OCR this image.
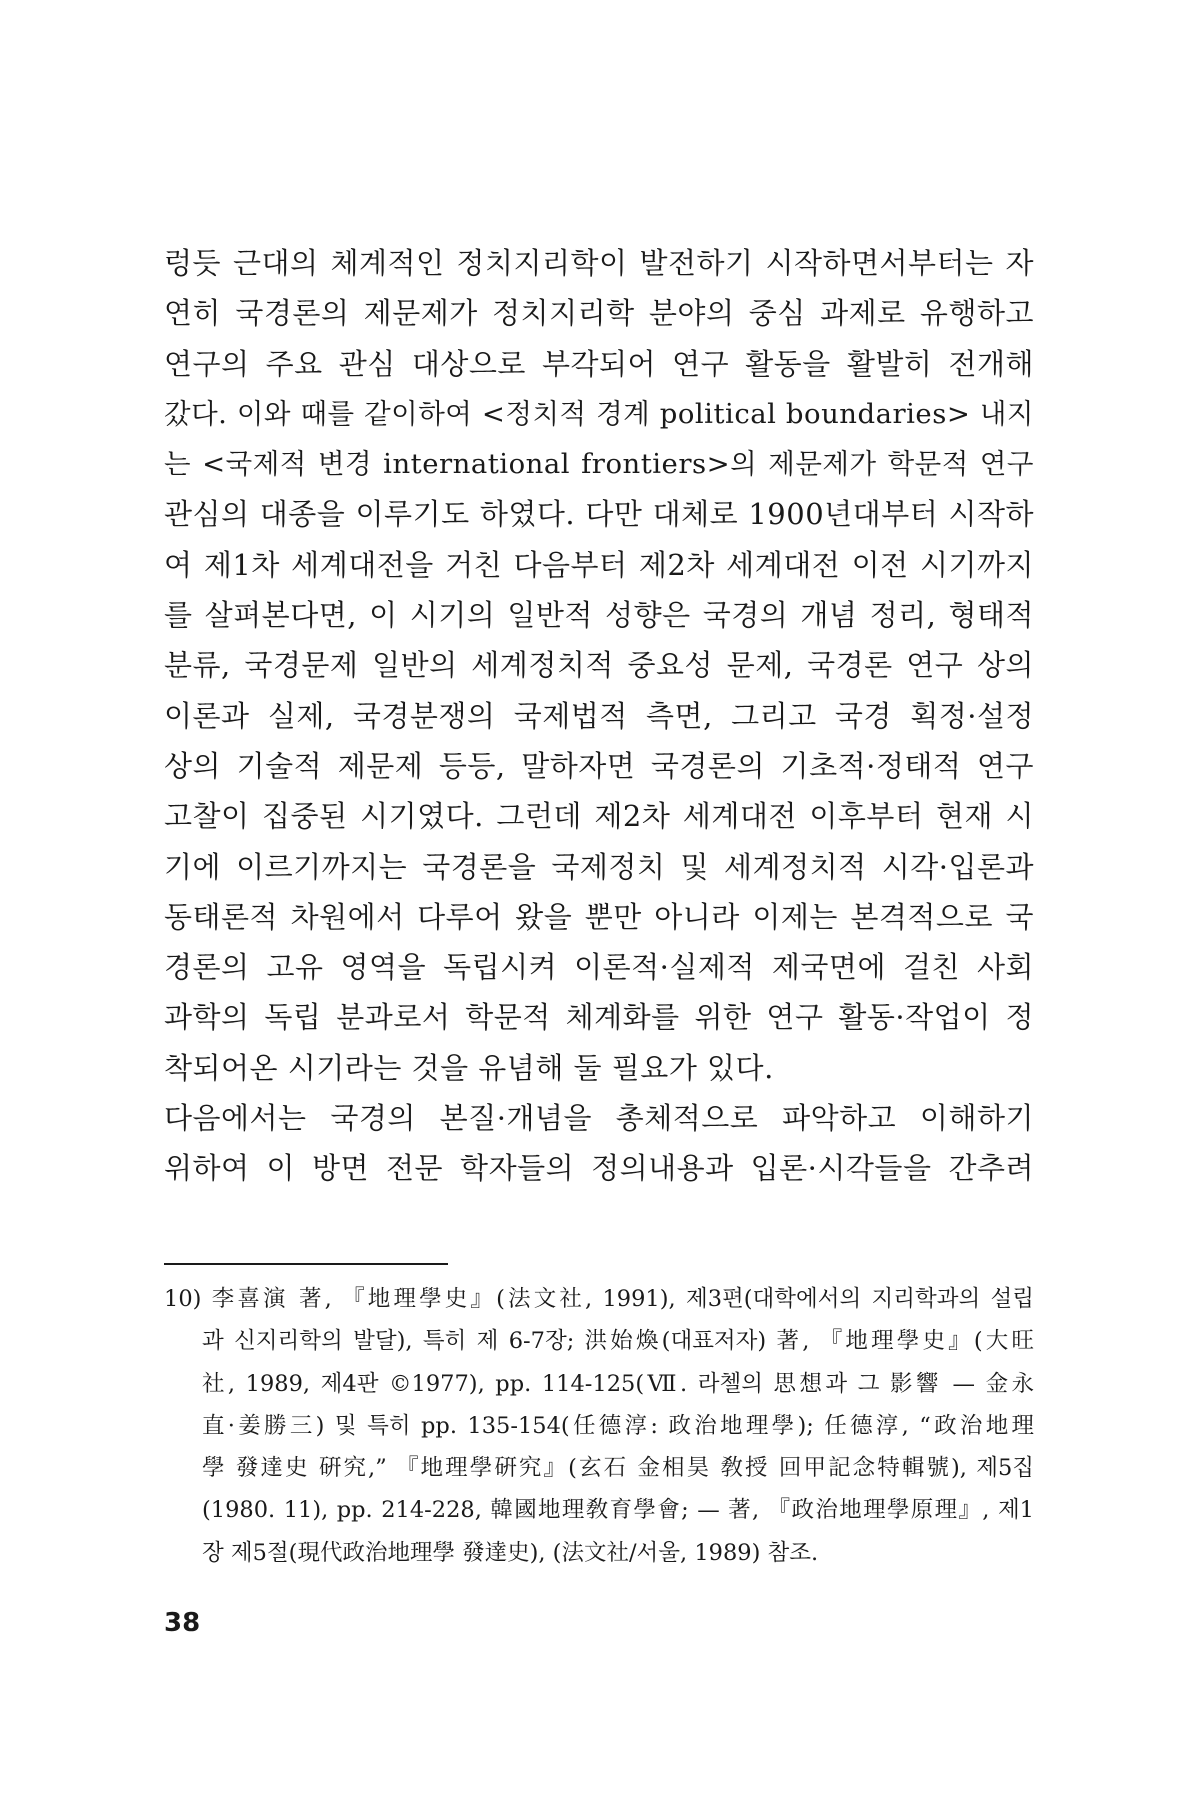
렁듯 근대의 체계적인 정치지리학이 발전하기 시작하면서부터는 자
연히 국경론의 제문제가 정치지리학 분야의 중심 과제로 유행하고
연구의 주요 관심 대상으로 부각되어 연구 활동을 활발히 전개해
갔다. 이와 때를 같이하여 <정치적 경계 political boundaries> 내지
는 <국제적 변경 international frontiers>의 제문제가 학문적 연구
관심의 대종을 이루기도 하였다. 다만 대체로 1900년대부터 시작하
여 제1차 세계대전을 거친 다음부터 제2차 세계대전 이전 시기까지
를 살펴본다면, 이 시기의 일반적 성향은 국경의 개념 정리, 형태적
분류, 국경문제 일반의 세계정치적 중요성 문제, 국경론 연구 상의
이론과 실제, 국경분쟁의 국제법적 측면, 그리고 국경 획정·설정
상의 기술적 제문제 등등, 말하자면 국경론의 기초적·정태적 연구
고찰이 집중된 시기였다. 그런데 제2차 세계대전 이후부터 현재 시
기에 이르기까지는 국경론을 국제정치 및 세계정치적 시각·입론과
동태론적 차원에서 다루어 왔을 뿐만 아니라 이제는 본격적으로 국
경론의 고유 영역을 독립시켜 이론적·실제적 제국면에 걸친 사회
과학의 독립 분과로서 학문적 체계화를 위한 연구 활동·작업이 정
착되어온 시기라는 것을 유념해 둘 필요가 있다.
다음에서는 국경의 본질·개념을 총체적으로 파악하고 이해하기
위하여 이 방면 전문 학자들의 정의내용과 입론·시각들을 간추려
10) 李喜演 著, 『地理學史』(法文社, 1991), 제3편(대학에서의 지리학과의 설립
과 신지리학의 발달), 특히 제 6-7장; 洪始煥(대표저자) 著, 『地理學史』(大旺
社, 1989, 제4판 ©1977), pp. 114-125(Ⅶ. 라첼의 思想과 그 影響 — 金永
直·姜勝三) 및 특히 pp. 135-154(任德淳: 政治地理學); 任德淳, “政治地理
學 發達史 硏究,” 『地理學硏究』(玄石 金相昊 敎授 回甲記念特輯號), 제5집
(1980. 11), pp. 214-228, 韓國地理敎育學會; — 著, 『政治地理學原理』, 제1
장 제5절(現代政治地理學 發達史), (法文社/서울, 1989) 참조.
38
